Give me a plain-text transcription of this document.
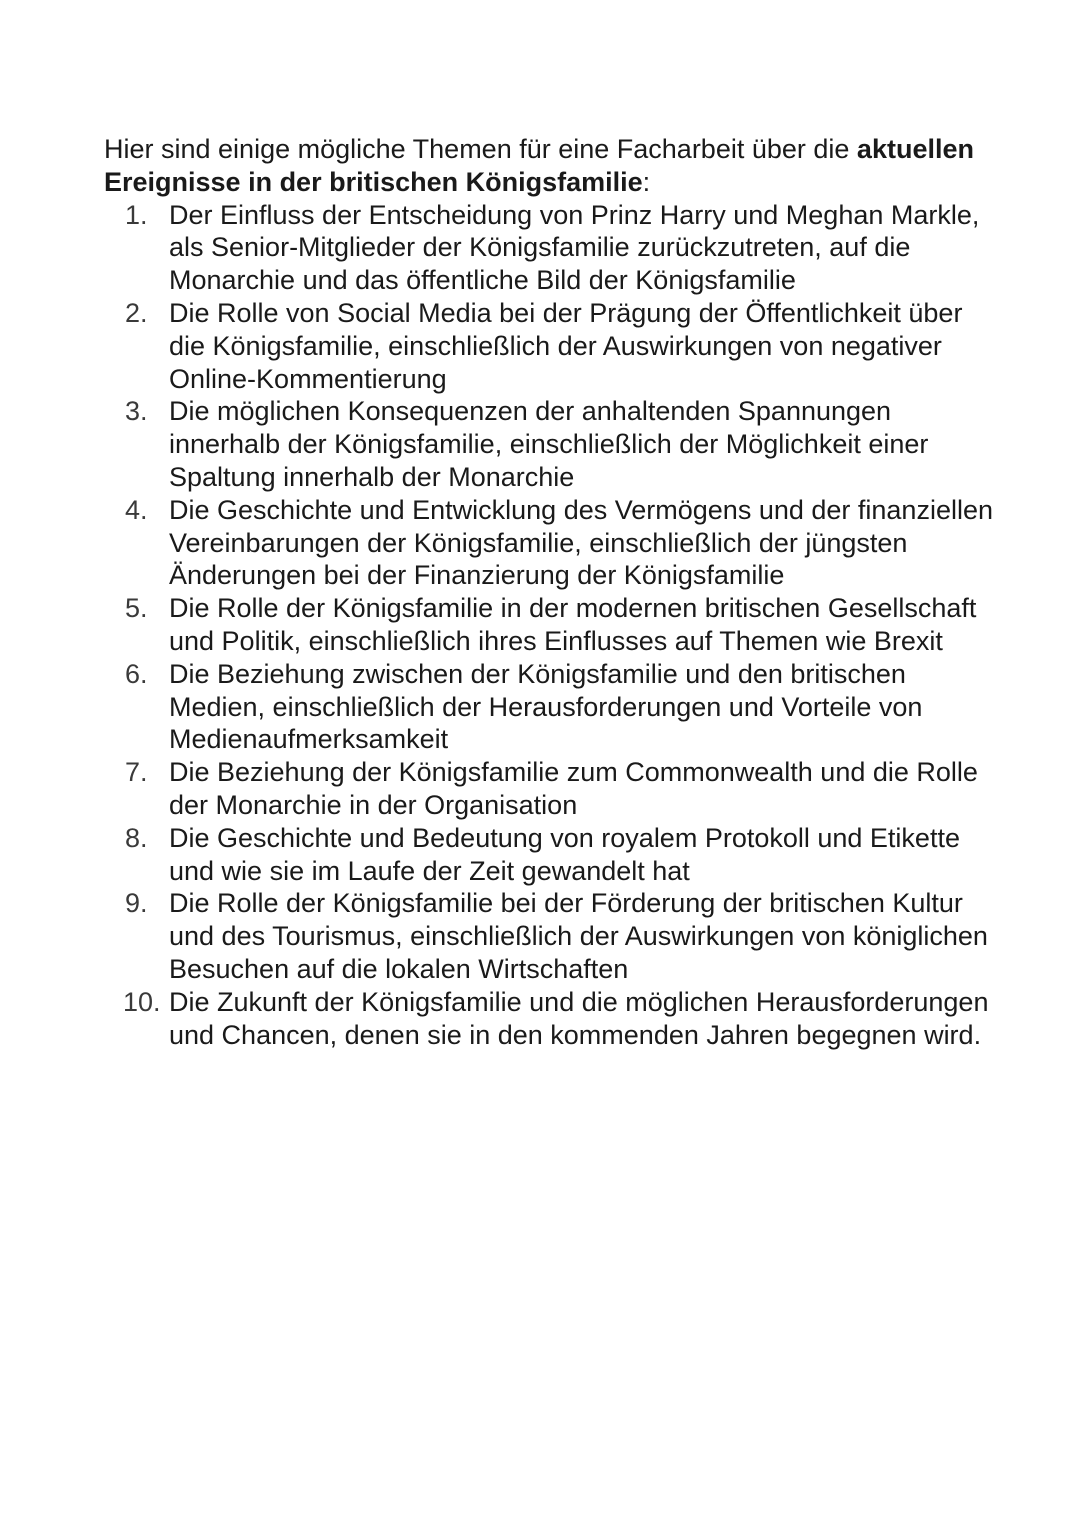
Hier sind einige mögliche Themen für eine Facharbeit über die aktuellen Ereignisse in der britischen Königsfamilie:

1. Der Einfluss der Entscheidung von Prinz Harry und Meghan Markle, als Senior-Mitglieder der Königsfamilie zurückzutreten, auf die Monarchie und das öffentliche Bild der Königsfamilie
2. Die Rolle von Social Media bei der Prägung der Öffentlichkeit über die Königsfamilie, einschließlich der Auswirkungen von negativer Online-Kommentierung
3. Die möglichen Konsequenzen der anhaltenden Spannungen innerhalb der Königsfamilie, einschließlich der Möglichkeit einer Spaltung innerhalb der Monarchie
4. Die Geschichte und Entwicklung des Vermögens und der finanziellen Vereinbarungen der Königsfamilie, einschließlich der jüngsten Änderungen bei der Finanzierung der Königsfamilie
5. Die Rolle der Königsfamilie in der modernen britischen Gesellschaft und Politik, einschließlich ihres Einflusses auf Themen wie Brexit
6. Die Beziehung zwischen der Königsfamilie und den britischen Medien, einschließlich der Herausforderungen und Vorteile von Medienaufmerksamkeit
7. Die Beziehung der Königsfamilie zum Commonwealth und die Rolle der Monarchie in der Organisation
8. Die Geschichte und Bedeutung von royalem Protokoll und Etikette und wie sie im Laufe der Zeit gewandelt hat
9. Die Rolle der Königsfamilie bei der Förderung der britischen Kultur und des Tourismus, einschließlich der Auswirkungen von königlichen Besuchen auf die lokalen Wirtschaften
10. Die Zukunft der Königsfamilie und die möglichen Herausforderungen und Chancen, denen sie in den kommenden Jahren begegnen wird.
